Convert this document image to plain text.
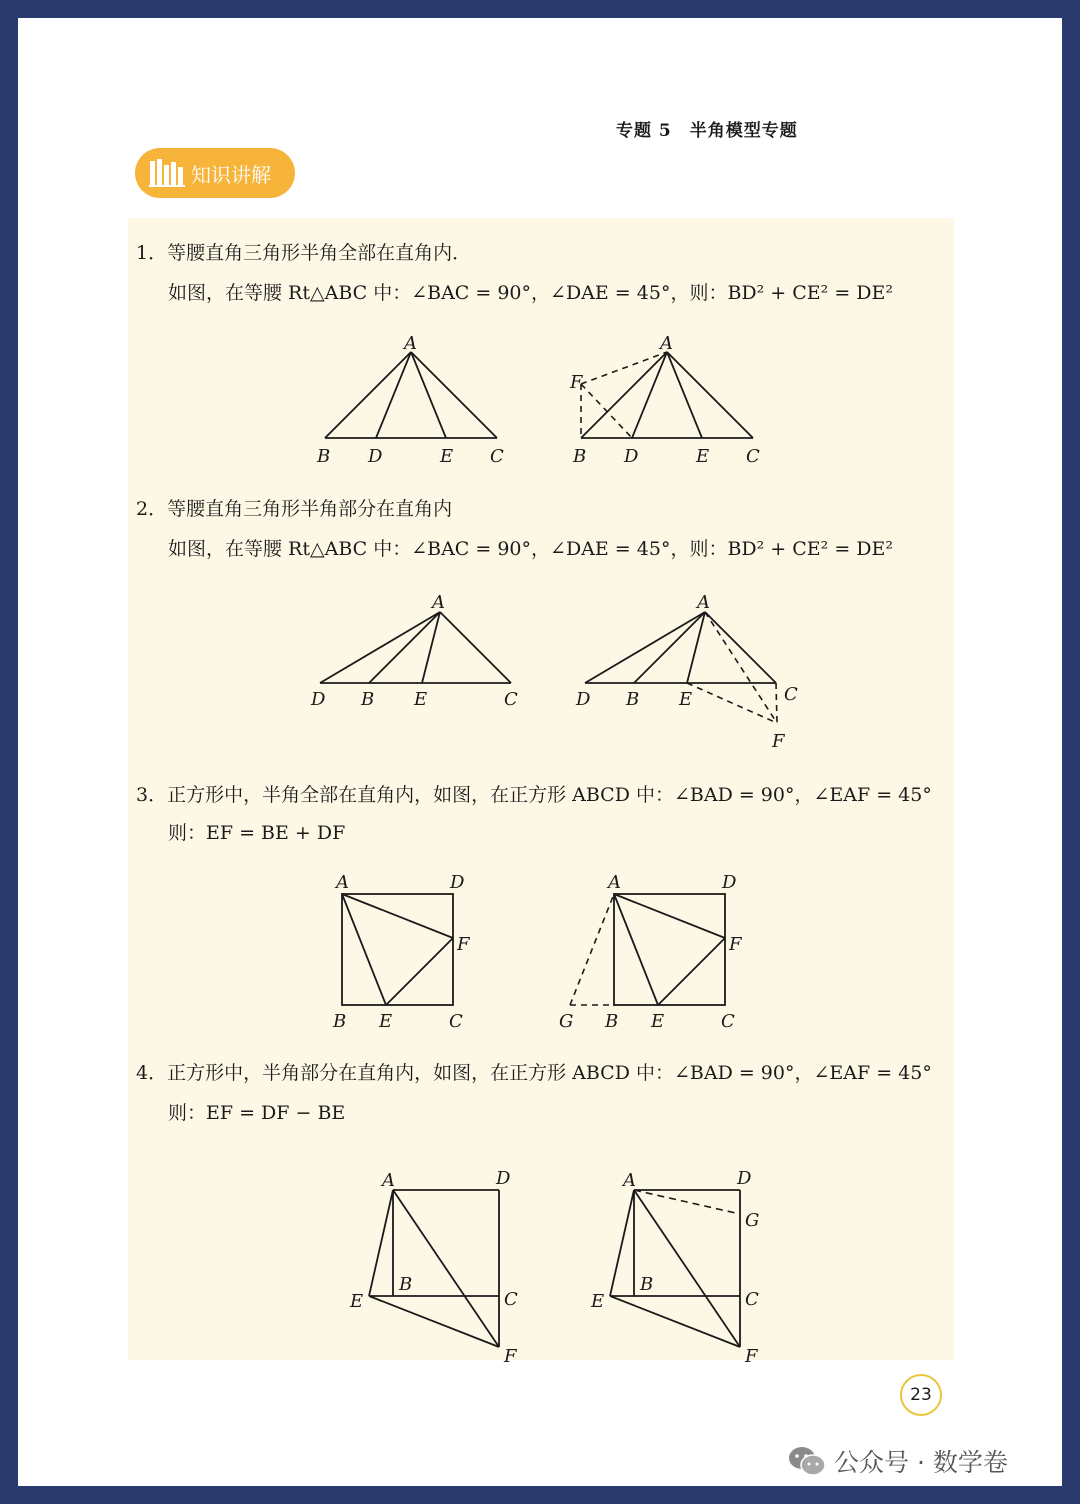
专题 5　半角模型专题
知识讲解
1．等腰直角三角形半角全部在直角内．
如图，在等腰 Rt△ABC 中：∠BAC = 90°，∠DAE = 45°，则：BD² + CE² = DE²
A
B D	E C
A
F
B D	E C
2．等腰直角三角形半角部分在直角内
如图，在等腰 Rt△ABC 中：∠BAC = 90°，∠DAE = 45°，则：BD² + CE² = DE²
A
D B E	C
A
D B E	C
F
3．正方形中，半角全部在直角内，如图，在正方形 ABCD 中：∠BAD = 90°，∠EAF = 45°
则：EF = BE + DF
A	D
F
B E	C
A	D
F
G B E	C
4．正方形中，半角部分在直角内，如图，在正方形 ABCD 中：∠BAD = 90°，∠EAF = 45°
则：EF = DF − BE
A	D
B
E	C
F
A	D
G
B
E	C
F
23
公众号 · 数学卷
